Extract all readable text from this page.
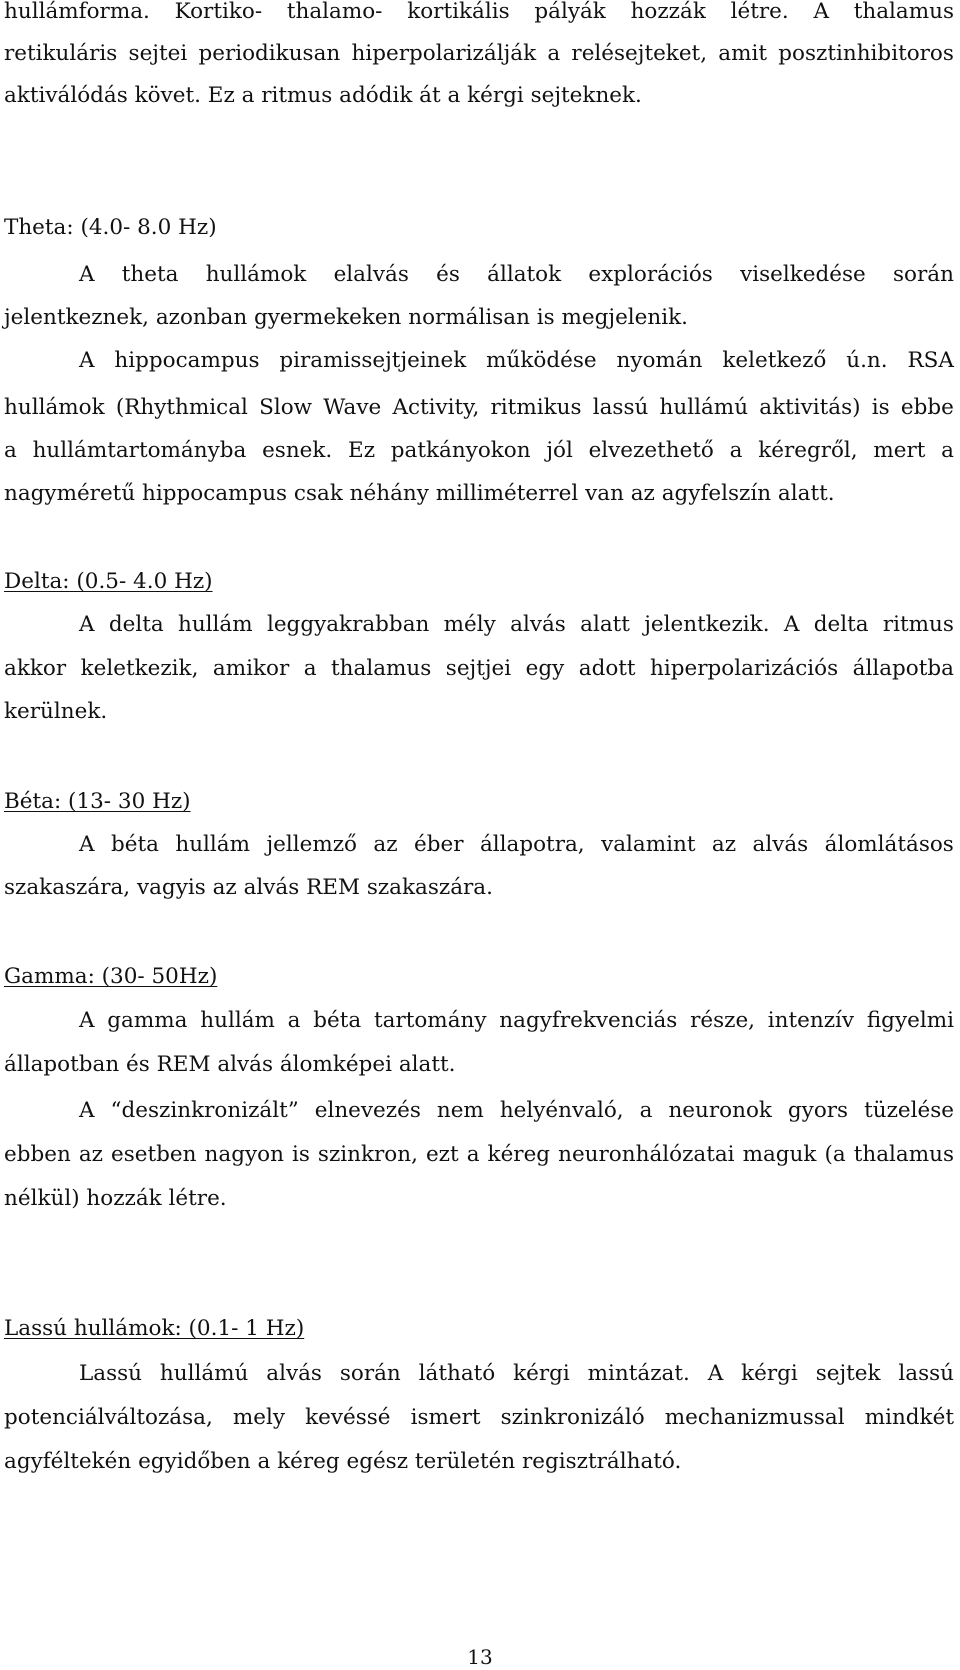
hullámforma. Kortiko- thalamo- kortikális pályák hozzák létre. A thalamus
retikuláris sejtei periodikusan hiperpolarizálják a relésejteket, amit posztinhibitoros
aktiválódás követ. Ez a ritmus adódik át a kérgi sejteknek.
Theta: (4.0- 8.0 Hz)
A theta hullámok elalvás és állatok explorációs viselkedése során
jelentkeznek, azonban gyermekeken normálisan is megjelenik.
A hippocampus piramissejtjeinek működése nyomán keletkező ú.n. RSA
hullámok (Rhythmical Slow Wave Activity, ritmikus lassú hullámú aktivitás) is ebbe
a hullámtartományba esnek. Ez patkányokon jól elvezethető a kéregről, mert a
nagyméretű hippocampus csak néhány milliméterrel van az agyfelszín alatt.
Delta: (0.5- 4.0 Hz)
A delta hullám leggyakrabban mély alvás alatt jelentkezik. A delta ritmus
akkor keletkezik, amikor a thalamus sejtjei egy adott hiperpolarizációs állapotba
kerülnek.
Béta: (13- 30 Hz)
A béta hullám jellemző az éber állapotra, valamint az alvás álomlátásos
szakaszára, vagyis az alvás REM szakaszára.
Gamma: (30- 50Hz)
A gamma hullám a béta tartomány nagyfrekvenciás része, intenzív figyelmi
állapotban és REM alvás álomképei alatt.
A “deszinkronizált” elnevezés nem helyénvaló, a neuronok gyors tüzelése
ebben az esetben nagyon is szinkron, ezt a kéreg neuronhálózatai maguk (a thalamus
nélkül) hozzák létre.
Lassú hullámok: (0.1- 1 Hz)
Lassú hullámú alvás során látható kérgi mintázat. A kérgi sejtek lassú
potenciálváltozása, mely kevéssé ismert szinkronizáló mechanizmussal mindkét
agyféltekén egyidőben a kéreg egész területén regisztrálható.
13
